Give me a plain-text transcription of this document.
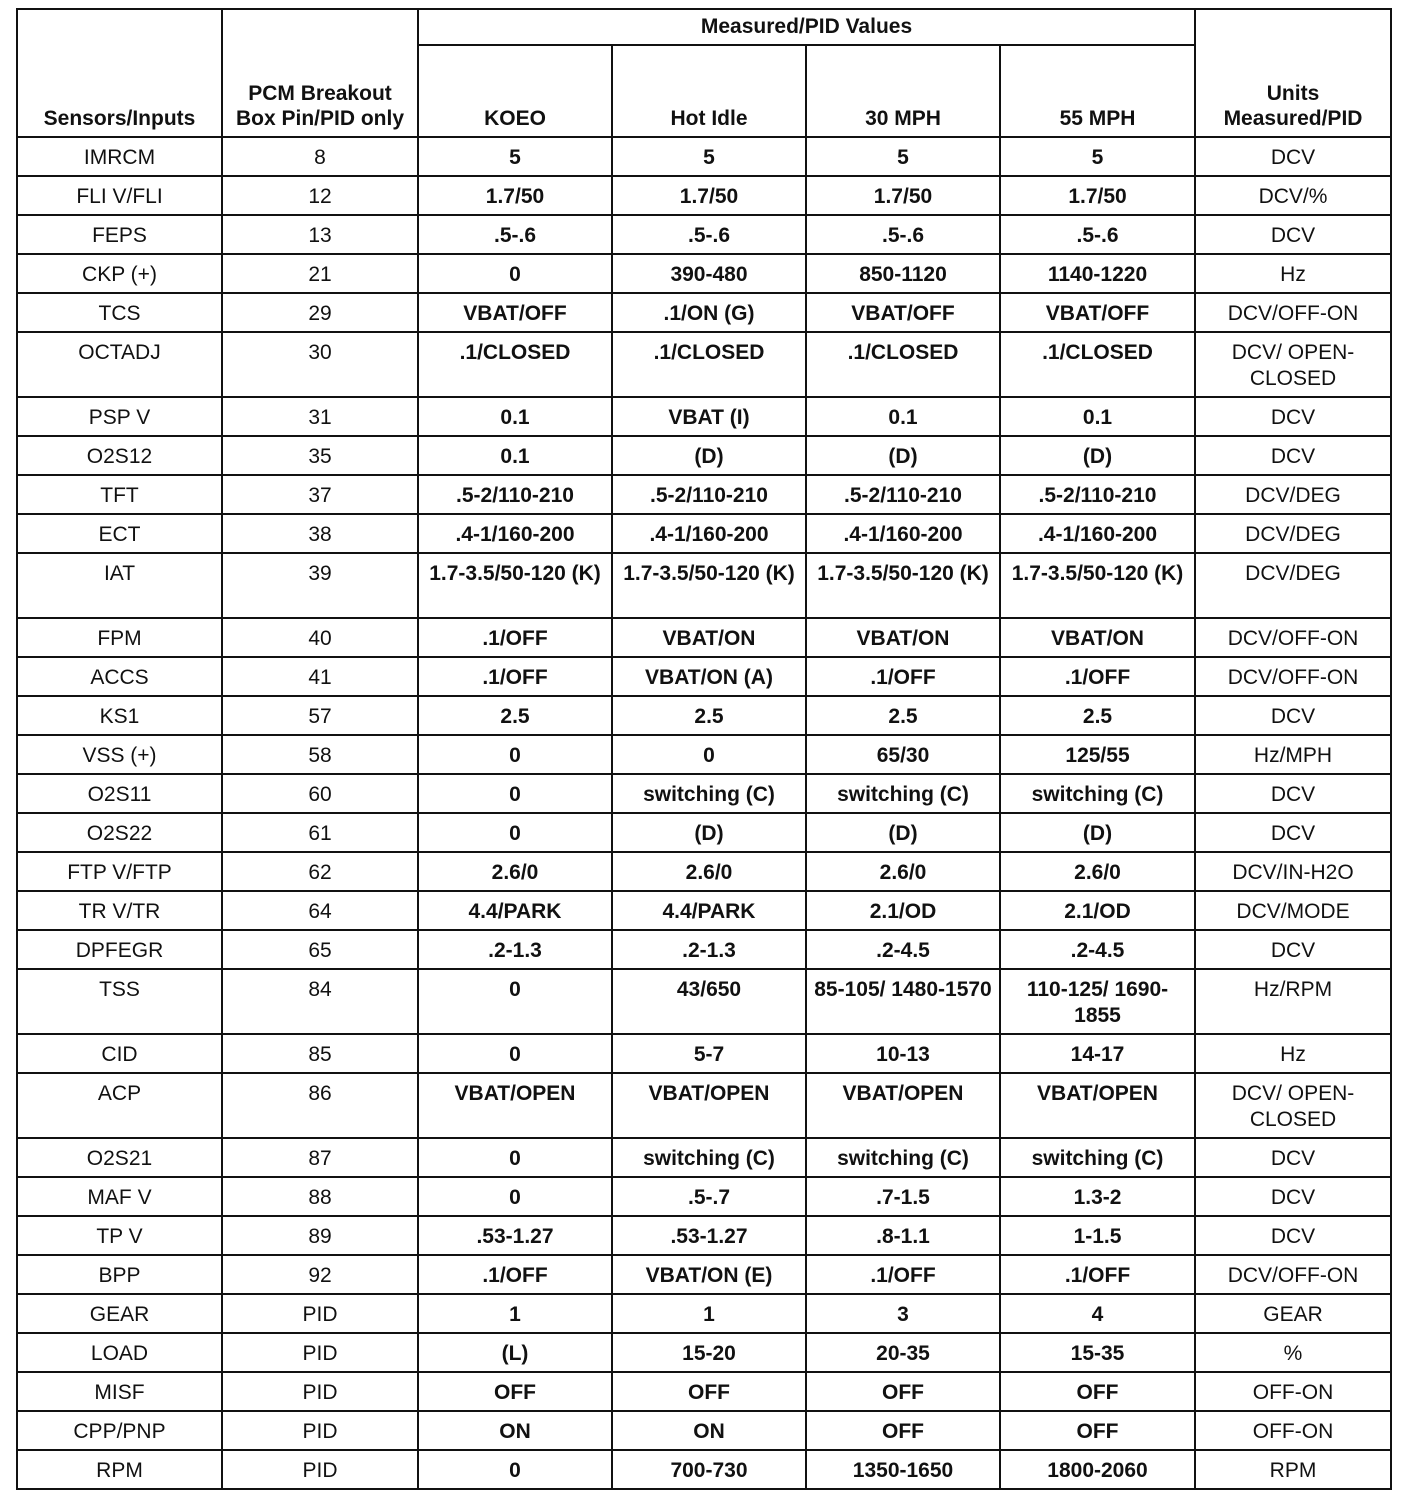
Sensors/Inputs	PCM Breakout Box Pin/PID only	Measured/PID Values				Units Measured/PID
		KOEO	Hot Idle	30 MPH	55 MPH	
IMRCM	8	5	5	5	5	DCV
FLI V/FLI	12	1.7/50	1.7/50	1.7/50	1.7/50	DCV/%
FEPS	13	.5-.6	.5-.6	.5-.6	.5-.6	DCV
CKP (+)	21	0	390-480	850-1120	1140-1220	Hz
TCS	29	VBAT/OFF	.1/ON (G)	VBAT/OFF	VBAT/OFF	DCV/OFF-ON
OCTADJ	30	.1/CLOSED	.1/CLOSED	.1/CLOSED	.1/CLOSED	DCV/ OPEN-CLOSED
PSP V	31	0.1	VBAT (I)	0.1	0.1	DCV
O2S12	35	0.1	(D)	(D)	(D)	DCV
TFT	37	.5-2/110-210	.5-2/110-210	.5-2/110-210	.5-2/110-210	DCV/DEG
ECT	38	.4-1/160-200	.4-1/160-200	.4-1/160-200	.4-1/160-200	DCV/DEG
IAT	39	1.7-3.5/50-120 (K)	1.7-3.5/50-120 (K)	1.7-3.5/50-120 (K)	1.7-3.5/50-120 (K)	DCV/DEG
FPM	40	.1/OFF	VBAT/ON	VBAT/ON	VBAT/ON	DCV/OFF-ON
ACCS	41	.1/OFF	VBAT/ON (A)	.1/OFF	.1/OFF	DCV/OFF-ON
KS1	57	2.5	2.5	2.5	2.5	DCV
VSS (+)	58	0	0	65/30	125/55	Hz/MPH
O2S11	60	0	switching (C)	switching (C)	switching (C)	DCV
O2S22	61	0	(D)	(D)	(D)	DCV
FTP V/FTP	62	2.6/0	2.6/0	2.6/0	2.6/0	DCV/IN-H2O
TR V/TR	64	4.4/PARK	4.4/PARK	2.1/OD	2.1/OD	DCV/MODE
DPFEGR	65	.2-1.3	.2-1.3	.2-4.5	.2-4.5	DCV
TSS	84	0	43/650	85-105/ 1480-1570	110-125/ 1690-1855	Hz/RPM
CID	85	0	5-7	10-13	14-17	Hz
ACP	86	VBAT/OPEN	VBAT/OPEN	VBAT/OPEN	VBAT/OPEN	DCV/ OPEN-CLOSED
O2S21	87	0	switching (C)	switching (C)	switching (C)	DCV
MAF V	88	0	.5-.7	.7-1.5	1.3-2	DCV
TP V	89	.53-1.27	.53-1.27	.8-1.1	1-1.5	DCV
BPP	92	.1/OFF	VBAT/ON (E)	.1/OFF	.1/OFF	DCV/OFF-ON
GEAR	PID	1	1	3	4	GEAR
LOAD	PID	(L)	15-20	20-35	15-35	%
MISF	PID	OFF	OFF	OFF	OFF	OFF-ON
CPP/PNP	PID	ON	ON	OFF	OFF	OFF-ON
RPM	PID	0	700-730	1350-1650	1800-2060	RPM
